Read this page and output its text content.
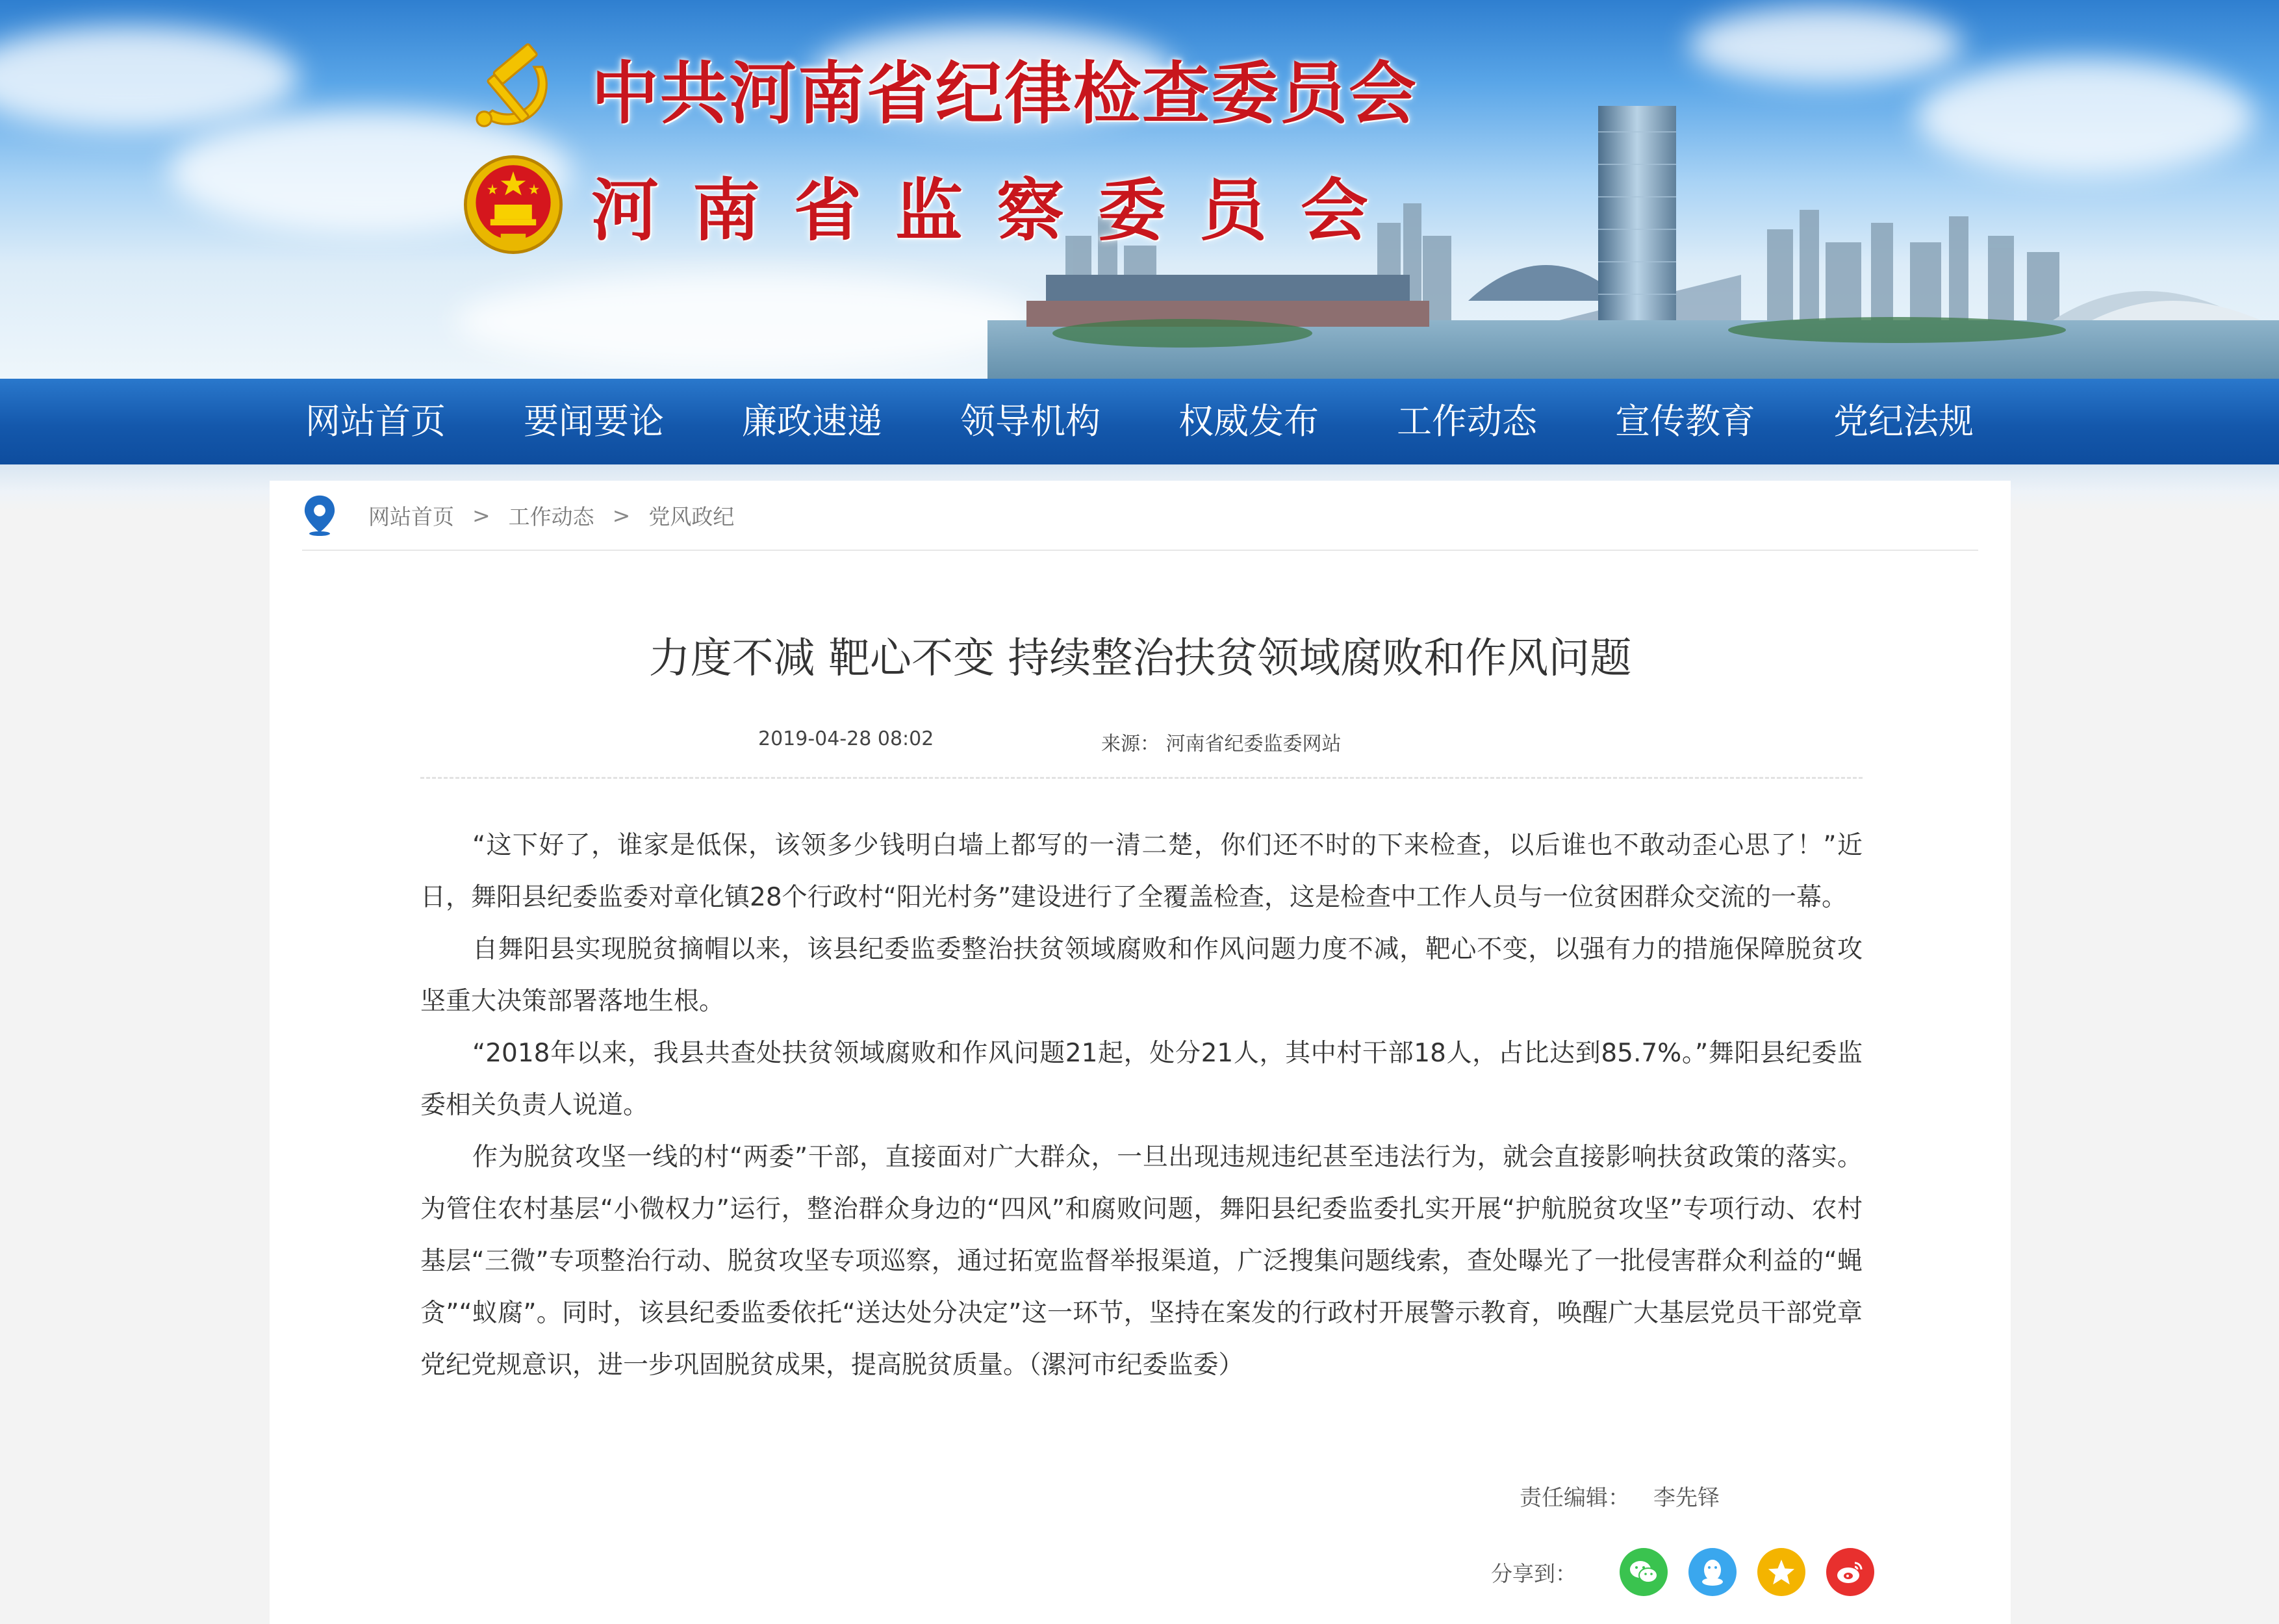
中共河南省纪律检查委员会
河南省监察委员会
网站首页	要闻要论	廉政速递	领导机构	权威发布	工作动态	宣传教育	党纪法规
网站首页 > 工作动态 > 党风政纪
力度不减 靶心不变 持续整治扶贫领域腐败和作风问题
2019-04-28 08:02	来源： 河南省纪委监委网站

“这下好了，谁家是低保，该领多少钱明白墙上都写的一清二楚，你们还不时的下来检查，以后谁也不敢动歪心思了！”近日，舞阳县纪委监委对章化镇28个行政村“阳光村务”建设进行了全覆盖检查，这是检查中工作人员与一位贫困群众交流的一幕。

自舞阳县实现脱贫摘帽以来，该县纪委监委整治扶贫领域腐败和作风问题力度不减，靶心不变，以强有力的措施保障脱贫攻坚重大决策部署落地生根。

“2018年以来，我县共查处扶贫领域腐败和作风问题21起，处分21人，其中村干部18人，占比达到85.7%。”舞阳县纪委监委相关负责人说道。

作为脱贫攻坚一线的村“两委”干部，直接面对广大群众，一旦出现违规违纪甚至违法行为，就会直接影响扶贫政策的落实。为管住农村基层“小微权力”运行，整治群众身边的“四风”和腐败问题，舞阳县纪委监委扎实开展“护航脱贫攻坚”专项行动、农村基层“三微”专项整治行动、脱贫攻坚专项巡察，通过拓宽监督举报渠道，广泛搜集问题线索，查处曝光了一批侵害群众利益的“蝇贪”“蚁腐”。同时，该县纪委监委依托“送达处分决定”这一环节，坚持在案发的行政村开展警示教育，唤醒广大基层党员干部党章党纪党规意识，进一步巩固脱贫成果，提高脱贫质量。（漯河市纪委监委）

责任编辑： 李先铎
分享到：
